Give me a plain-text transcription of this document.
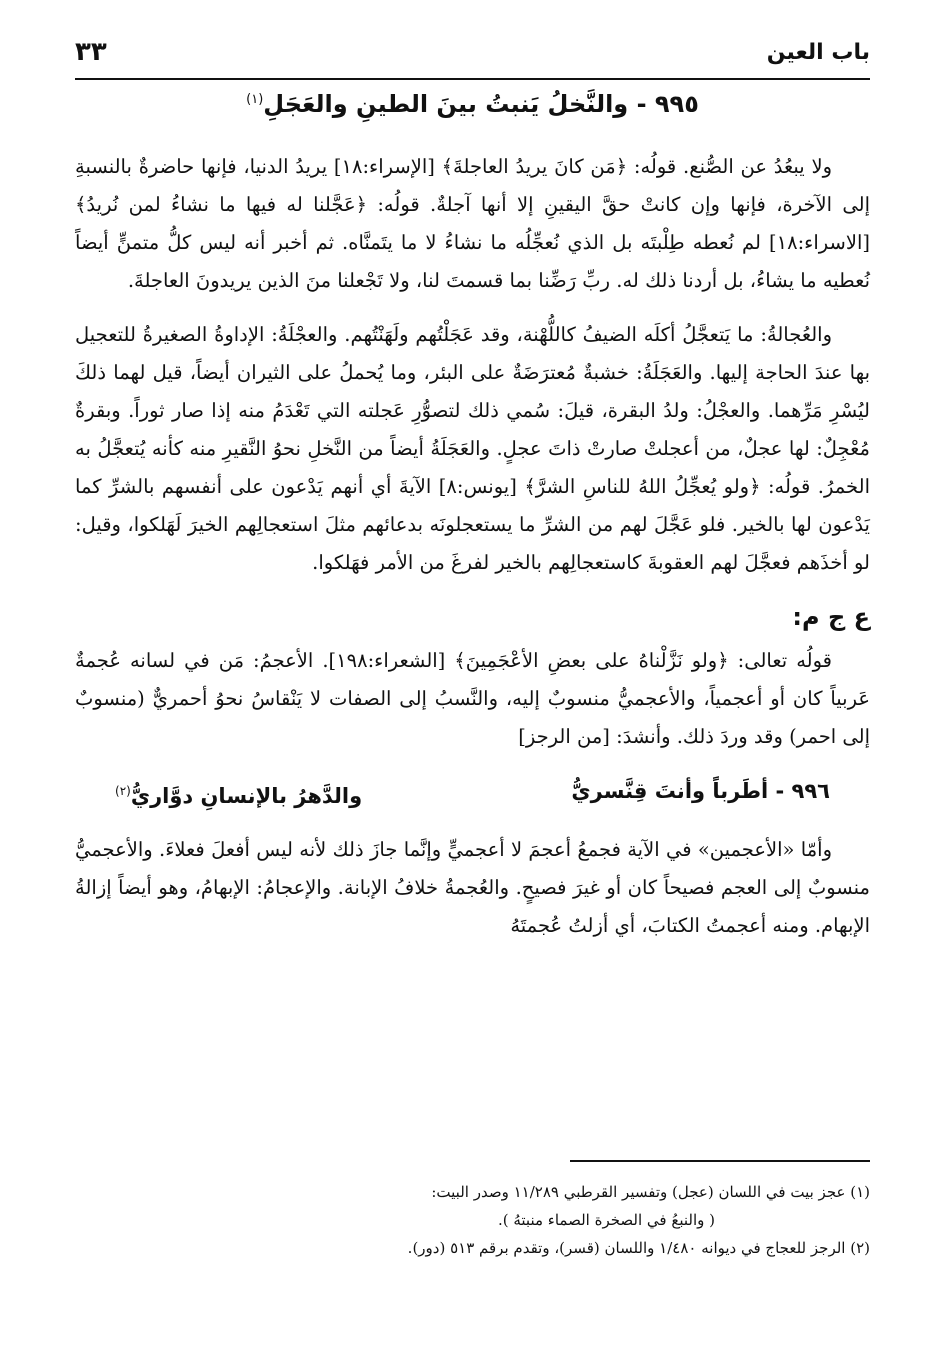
باب العين
٣٣
٩٩٥ - والنَّخلُ يَنبتُ بينَ الطينِ والعَجَلِ$^{(١)}$

ولا يبعُدُ عن الصُّنع. قولُه: ﴿مَن كانَ يريدُ العاجلةَ﴾ [الإسراء:١٨] يريدُ الدنيا، فإنها حاضرةٌ بالنسبةِ إلى الآخرة، فإنها وإن كانتْ حقَّ اليقينِ إلا أنها آجلةٌ. قولُه: ﴿عَجَّلنا له فيها ما نشاءُ لمن نُريدُ﴾ [الاسراء:١٨] لم نُعطه طِلْبتَه بل الذي نُعجِّلُه ما نشاءُ لا ما يتَمنَّاه. ثم أخبر أنه ليس كلُّ متمنٍّ أيضاً نُعطيه ما يشاءُ، بل أردنا ذلك له. ربِّ رَضِّنا بما قسمتَ لنا، ولا تَجْعلنا منَ الذين يريدونَ العاجلةَ.

والعُجالةُ: ما يَتعجَّلُ أكلَه الضيفُ كاللُّهْنة، وقد عَجَلْتُهم ولَهَنْتُهم. والعجْلَةُ: الإداوةُ الصغيرةُ للتعجيل بها عندَ الحاجة إليها. والعَجَلَةُ: خشبةٌ مُعترَضَةٌ على البئر، وما يُحملُ على الثيران أيضاً، قيل لهما ذلكَ ليُسْرِ مَرِّهما. والعجْلُ: ولدُ البقرة، قيلَ: سُمي ذلك لتصوُّرِ عَجلته التي تَعْدَمُ منه إذا صار ثوراً. وبقرةٌ مُعْجِلٌ: لها عجلٌ، من أعجلتْ صارتْ ذاتَ عجلٍ. والعَجَلَةُ أيضاً من النَّخلِ نحوُ النَّقيرِ منه كأنه يُتعجَّلُ به الخمرُ. قولُه: ﴿ولو يُعجِّلُ اللهُ للناسِ الشرَّ﴾ [يونس:٨] الآيةَ أي أنهم يَدْعون على أنفسهم بالشرِّ كما يَدْعون لها بالخير. فلو عَجَّلَ لهم من الشرِّ ما يستعجلونَه بدعائهم مثلَ استعجالِهم الخيرَ لَهَلكوا، وقيل: لو أخذَهم فعجَّلَ لهم العقوبةَ كاستعجالِهم بالخير لفرغَ من الأمر فهَلكوا.

ع ج م:

قولُه تعالى: ﴿ولو نَزَّلْناهُ على بعضِ الأعْجَمِينَ﴾ [الشعراء:١٩٨]. الأعجمُ: مَن في لسانه عُجمةٌ عَربياً كان أو أعجمياً، والأعجميُّ منسوبٌ إليه، والنَّسبُ إلى الصفات لا يَنْقاسُ نحوُ أحمريٌّ (منسوبٌ إلى احمر) وقد وردَ ذلك. وأنشدَ: [من الرجز]

٩٩٦ - أطَرباً وأنتَ قِنَّسريُّ
والدَّهرُ بالإنسانِ دوَّاريُّ$^{(٢)}$

وأمّا «الأعجمين» في الآية فجمعُ أعجمَ لا أعجميٍّ وإنَّما جازَ ذلك لأنه ليس أفعلَ فعلاءَ. والأعجميُّ منسوبٌ إلى العجم فصيحاً كان أو غيرَ فصيحٍ. والعُجمةُ خلافُ الإبانة. والإعجامُ: الإبهامُ، وهو أيضاً إزالةُ الإبهام. ومنه أعجمتُ الكتابَ، أي أزلتُ عُجمتَهُ

(١) عجز بيت في اللسان (عجل) وتفسير القرطبي ١١/٢٨٩ وصدر البيت:
( والنبعُ في الصخرة الصماء منبتهُ ).
(٢) الرجز للعجاج في ديوانه ١/٤٨٠ واللسان (قسر)، وتقدم برقم ٥١٣ (دور).
